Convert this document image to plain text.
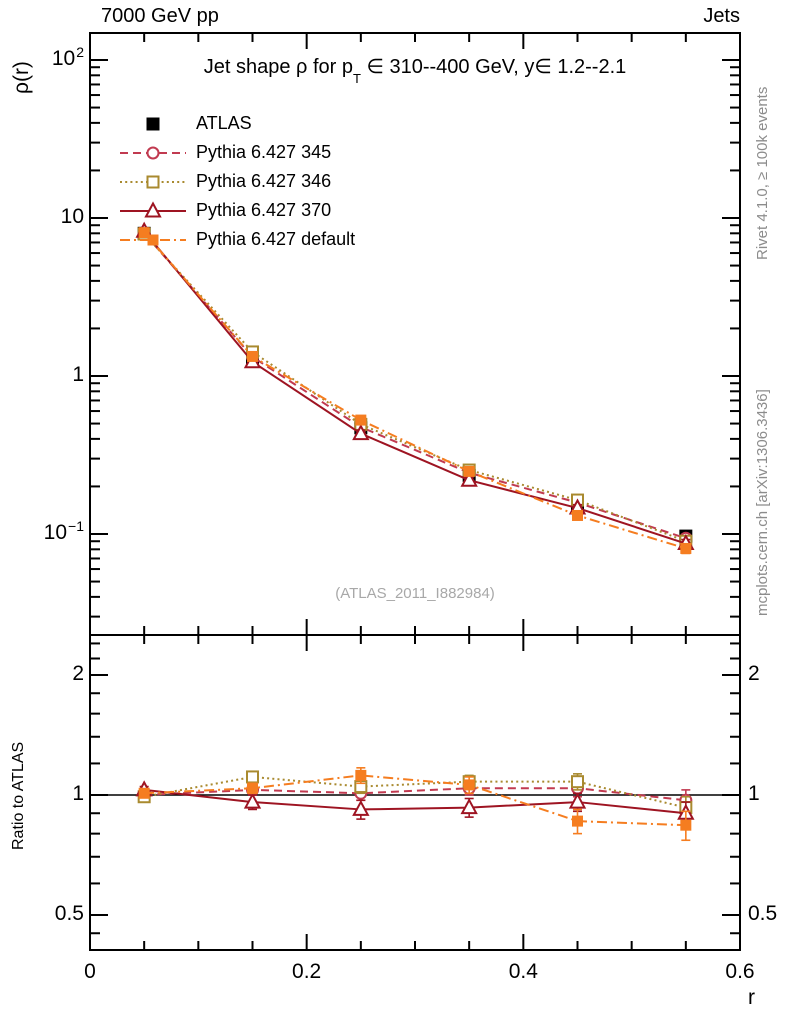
7000 GeV pp	Jets
Jet shape ρ for $p_T$ ∈ 310--400 GeV, y∈ 1.2--2.1
ρ(r)
Ratio to ATLAS
r
(ATLAS_2011_I882984)
Rivet 4.1.0, ≥ 100k events
mcplots.cern.ch [arXiv:1306.3436]
ATLAS
Pythia 6.427 345
Pythia 6.427 346
Pythia 6.427 370
Pythia 6.427 default
$10^2$
10
1
$10^{-1}$
2	2
1	1
0.5	0.5
0	0.2	0.4	0.6
